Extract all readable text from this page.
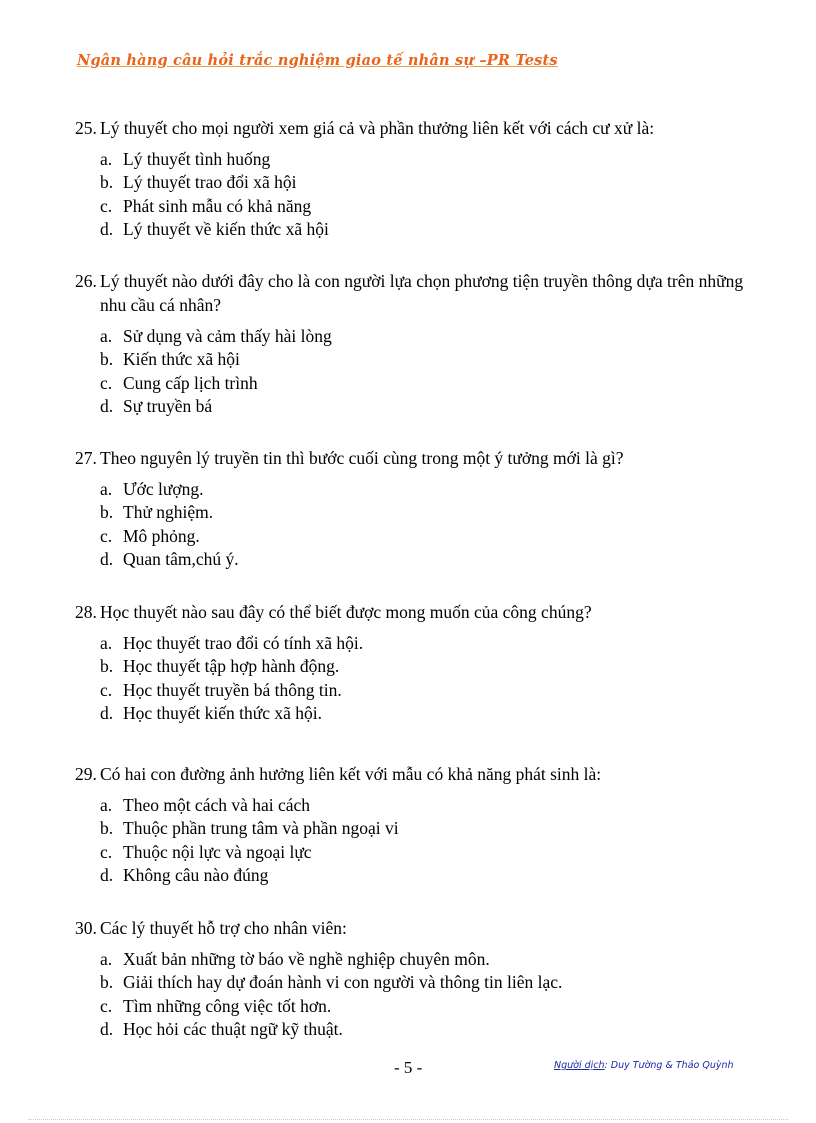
Ngân hàng câu hỏi trắc nghiệm giao tế nhân sự –PR Tests
25. Lý thuyết cho mọi người xem giá cả và phần thưởng liên kết với cách cư xử là:
a. Lý thuyết tình huống
b. Lý thuyết trao đổi xã hội
c. Phát sinh mẫu có khả năng
d. Lý thuyết về kiến thức xã hội
26. Lý thuyết nào dưới đây cho là con người lựa chọn phương tiện truyền thông dựa trên những nhu cầu cá nhân?
a. Sử dụng và cảm thấy hài lòng
b. Kiến thức xã hội
c. Cung cấp lịch trình
d. Sự truyền bá
27. Theo nguyên lý truyền tin thì bước cuối cùng trong một ý tưởng mới là gì?
a. Ước lượng.
b. Thử nghiệm.
c. Mô phỏng.
d. Quan tâm,chú ý.
28. Học thuyết nào sau đây có thể biết được mong muốn của công chúng?
a. Học thuyết trao đổi có tính xã hội.
b. Học thuyết tập hợp hành động.
c. Học thuyết truyền bá thông tin.
d. Học thuyết kiến thức xã hội.
29. Có hai con đường ảnh hưởng liên kết với mẫu có khả năng phát sinh là:
a. Theo một cách và hai cách
b. Thuộc phần trung tâm và phần ngoại vi
c. Thuộc nội lực và ngoại lực
d. Không câu nào đúng
30. Các lý thuyết hỗ trợ cho nhân viên:
a. Xuất bản những tờ báo về nghề nghiệp chuyên môn.
b. Giải thích hay dự đoán hành vi con người và thông tin liên lạc.
c. Tìm những công việc tốt hơn.
d. Học hỏi các thuật ngữ kỹ thuật.
- 5 -	Người dịch: Duy Tường & Thảo Quỳnh
